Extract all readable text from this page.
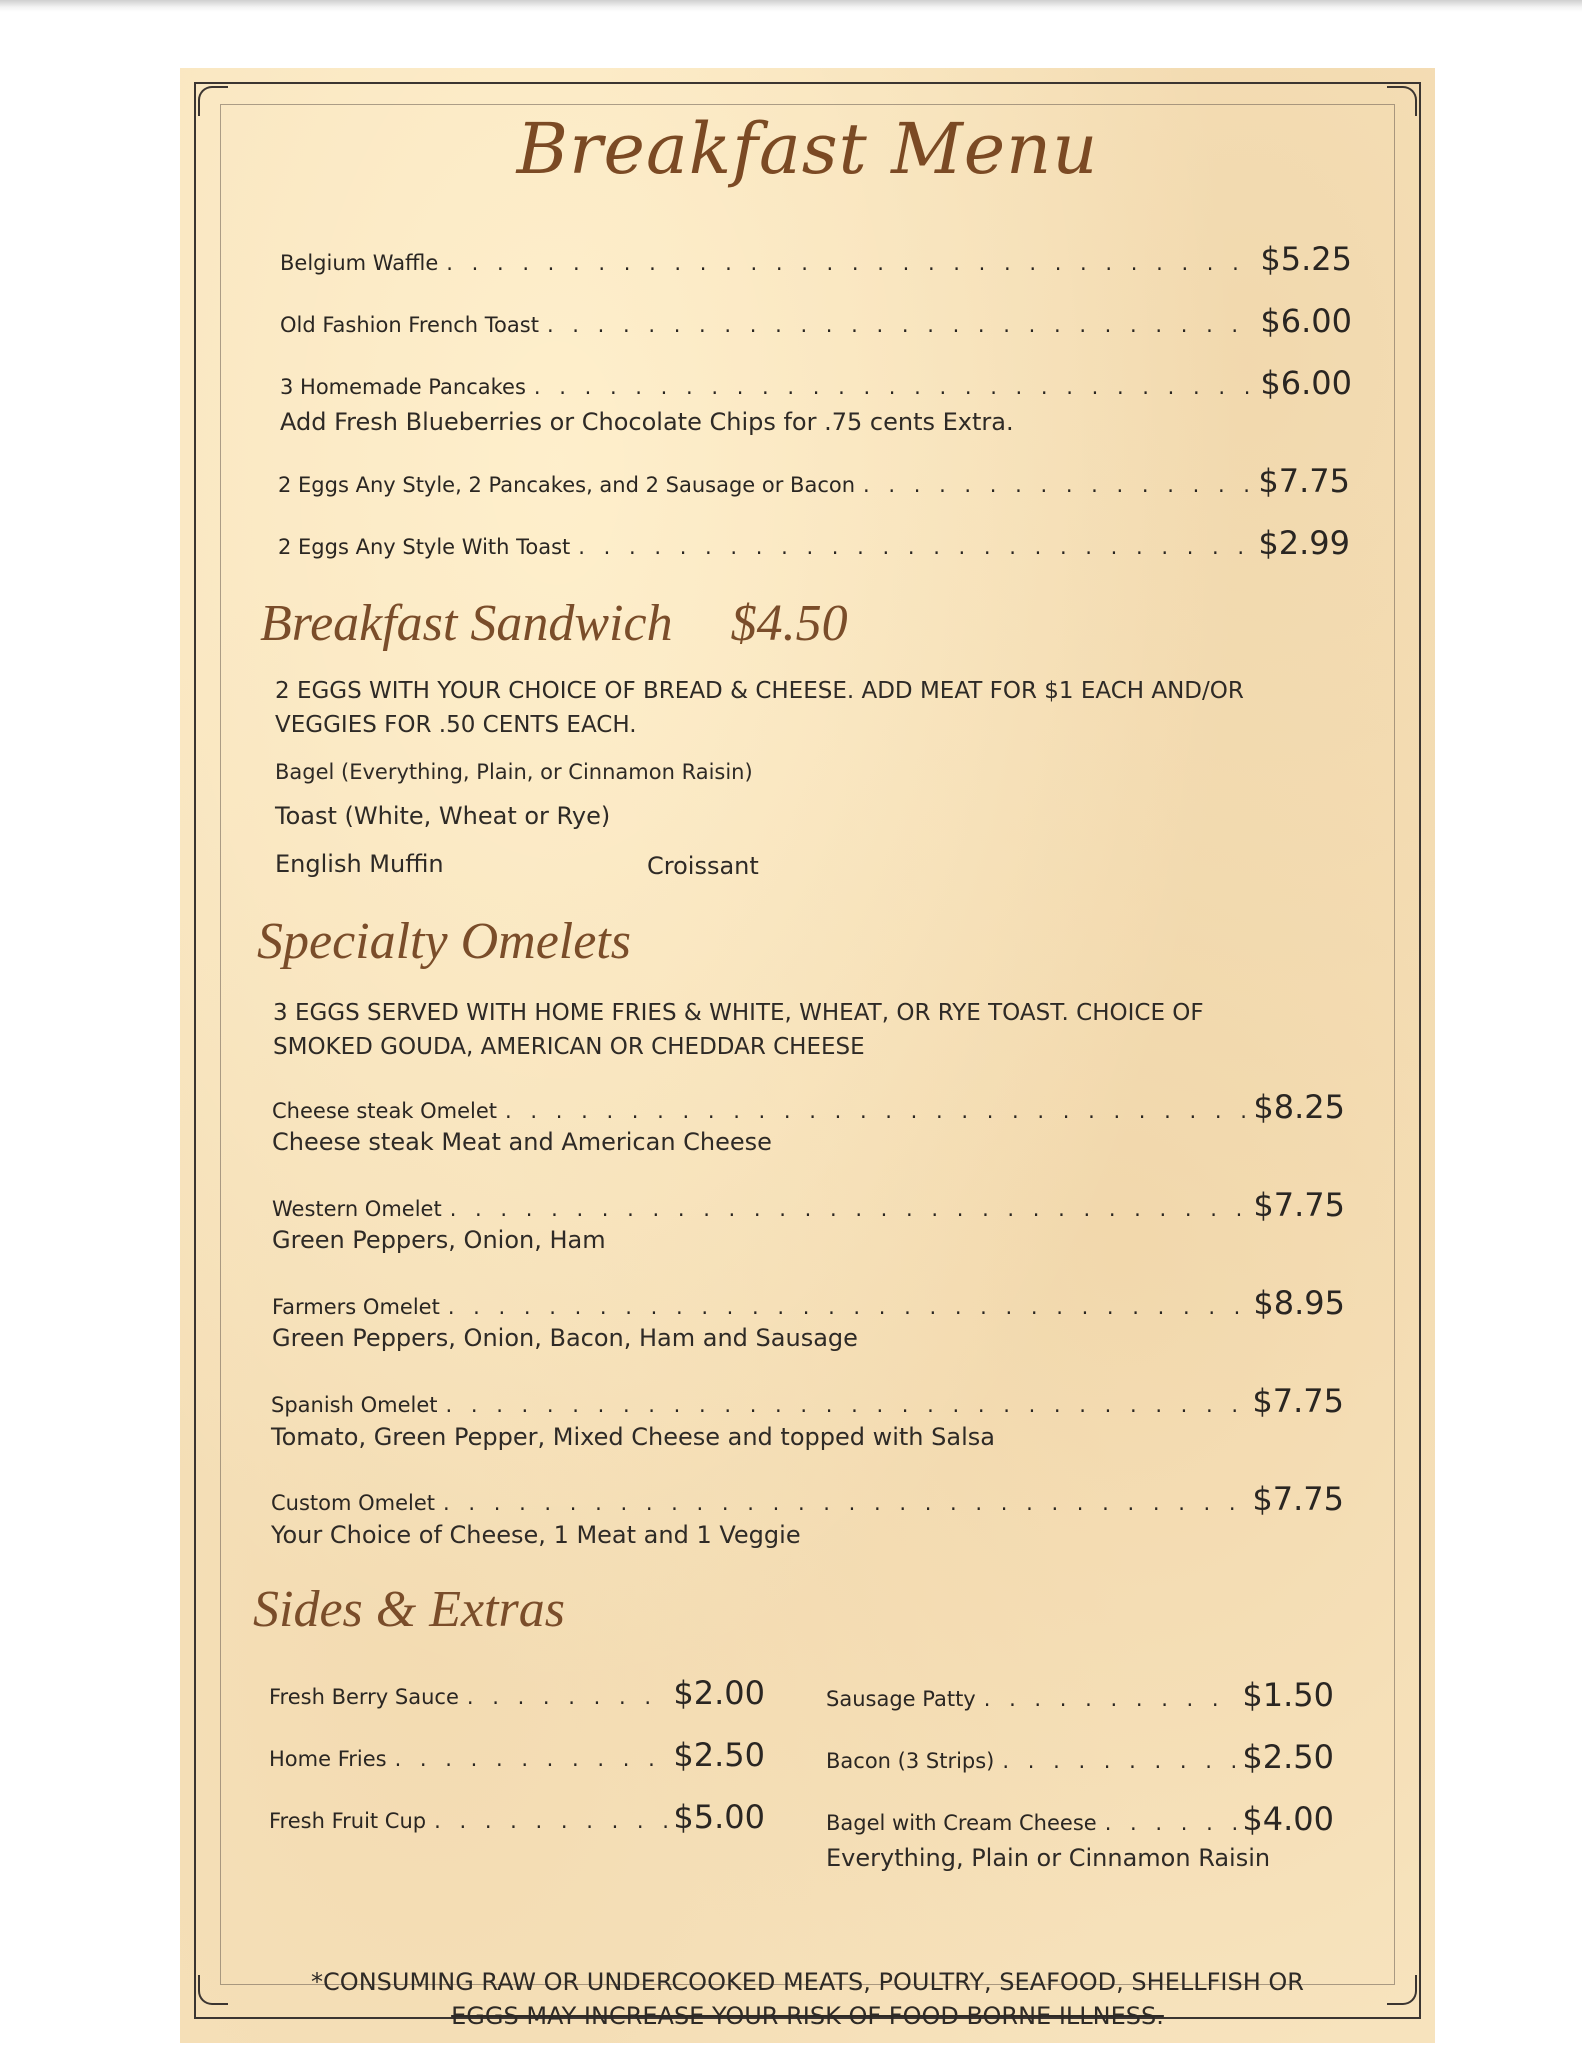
Breakfast Menu
Belgium Waffle . . .	$5.25
Old Fashion French Toast . . .	$6.00
3 Homemade Pancakes . . .	$6.00
Add Fresh Blueberries or Chocolate Chips for .75 cents Extra.
2 Eggs Any Style, 2 Pancakes, and 2 Sausage or Bacon . . .	$7.75
2 Eggs Any Style With Toast . . .	$2.99
Breakfast Sandwich $4.50
2 EGGS WITH YOUR CHOICE OF BREAD & CHEESE. ADD MEAT FOR $1 EACH AND/OR VEGGIES FOR .50 CENTS EACH.
Bagel (Everything, Plain, or Cinnamon Raisin)
Toast (White, Wheat or Rye)
English Muffin	Croissant
Specialty Omelets
3 EGGS SERVED WITH HOME FRIES & WHITE, WHEAT, OR RYE TOAST. CHOICE OF SMOKED GOUDA, AMERICAN OR CHEDDAR CHEESE
Cheese steak Omelet . . .	$8.25
Cheese steak Meat and American Cheese
Western Omelet . . .	$7.75
Green Peppers, Onion, Ham
Farmers Omelet . . .	$8.95
Green Peppers, Onion, Bacon, Ham and Sausage
Spanish Omelet . . .	$7.75
Tomato, Green Pepper, Mixed Cheese and topped with Salsa
Custom Omelet . . .	$7.75
Your Choice of Cheese, 1 Meat and 1 Veggie
Sides & Extras
Fresh Berry Sauce . . .	$2.00
Home Fries . . .	$2.50
Fresh Fruit Cup . . .	$5.00
Sausage Patty . . .	$1.50
Bacon (3 Strips) . . .	$2.50
Bagel with Cream Cheese . . .	$4.00
Everything, Plain or Cinnamon Raisin
*CONSUMING RAW OR UNDERCOOKED MEATS, POULTRY, SEAFOOD, SHELLFISH OR
EGGS MAY INCREASE YOUR RISK OF FOOD BORNE ILLNESS.
